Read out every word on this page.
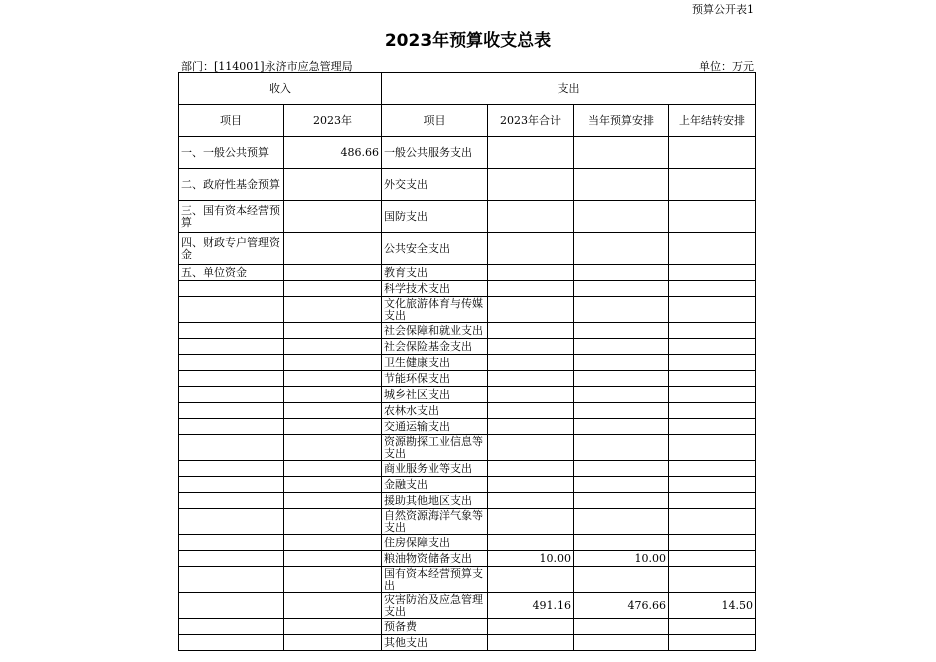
预算公开表1
2023年预算收支总表
部门：[114001]永济市应急管理局	单位：万元
收入		支出			
项目	2023年	项目	2023年合计	当年预算安排	上年结转安排
一、一般公共预算	486.66	一般公共服务支出			
二、政府性基金预算		外交支出			
三、国有资本经营预算		国防支出			
四、财政专户管理资金		公共安全支出			
五、单位资金		教育支出			
		科学技术支出			
		文化旅游体育与传媒支出			
		社会保障和就业支出			
		社会保险基金支出			
		卫生健康支出			
		节能环保支出			
		城乡社区支出			
		农林水支出			
		交通运输支出			
		资源勘探工业信息等支出			
		商业服务业等支出			
		金融支出			
		援助其他地区支出			
		自然资源海洋气象等支出			
		住房保障支出			
		粮油物资储备支出	10.00	10.00	
		国有资本经营预算支出			
		灾害防治及应急管理支出	491.16	476.66	14.50
		预备费			
		其他支出			
